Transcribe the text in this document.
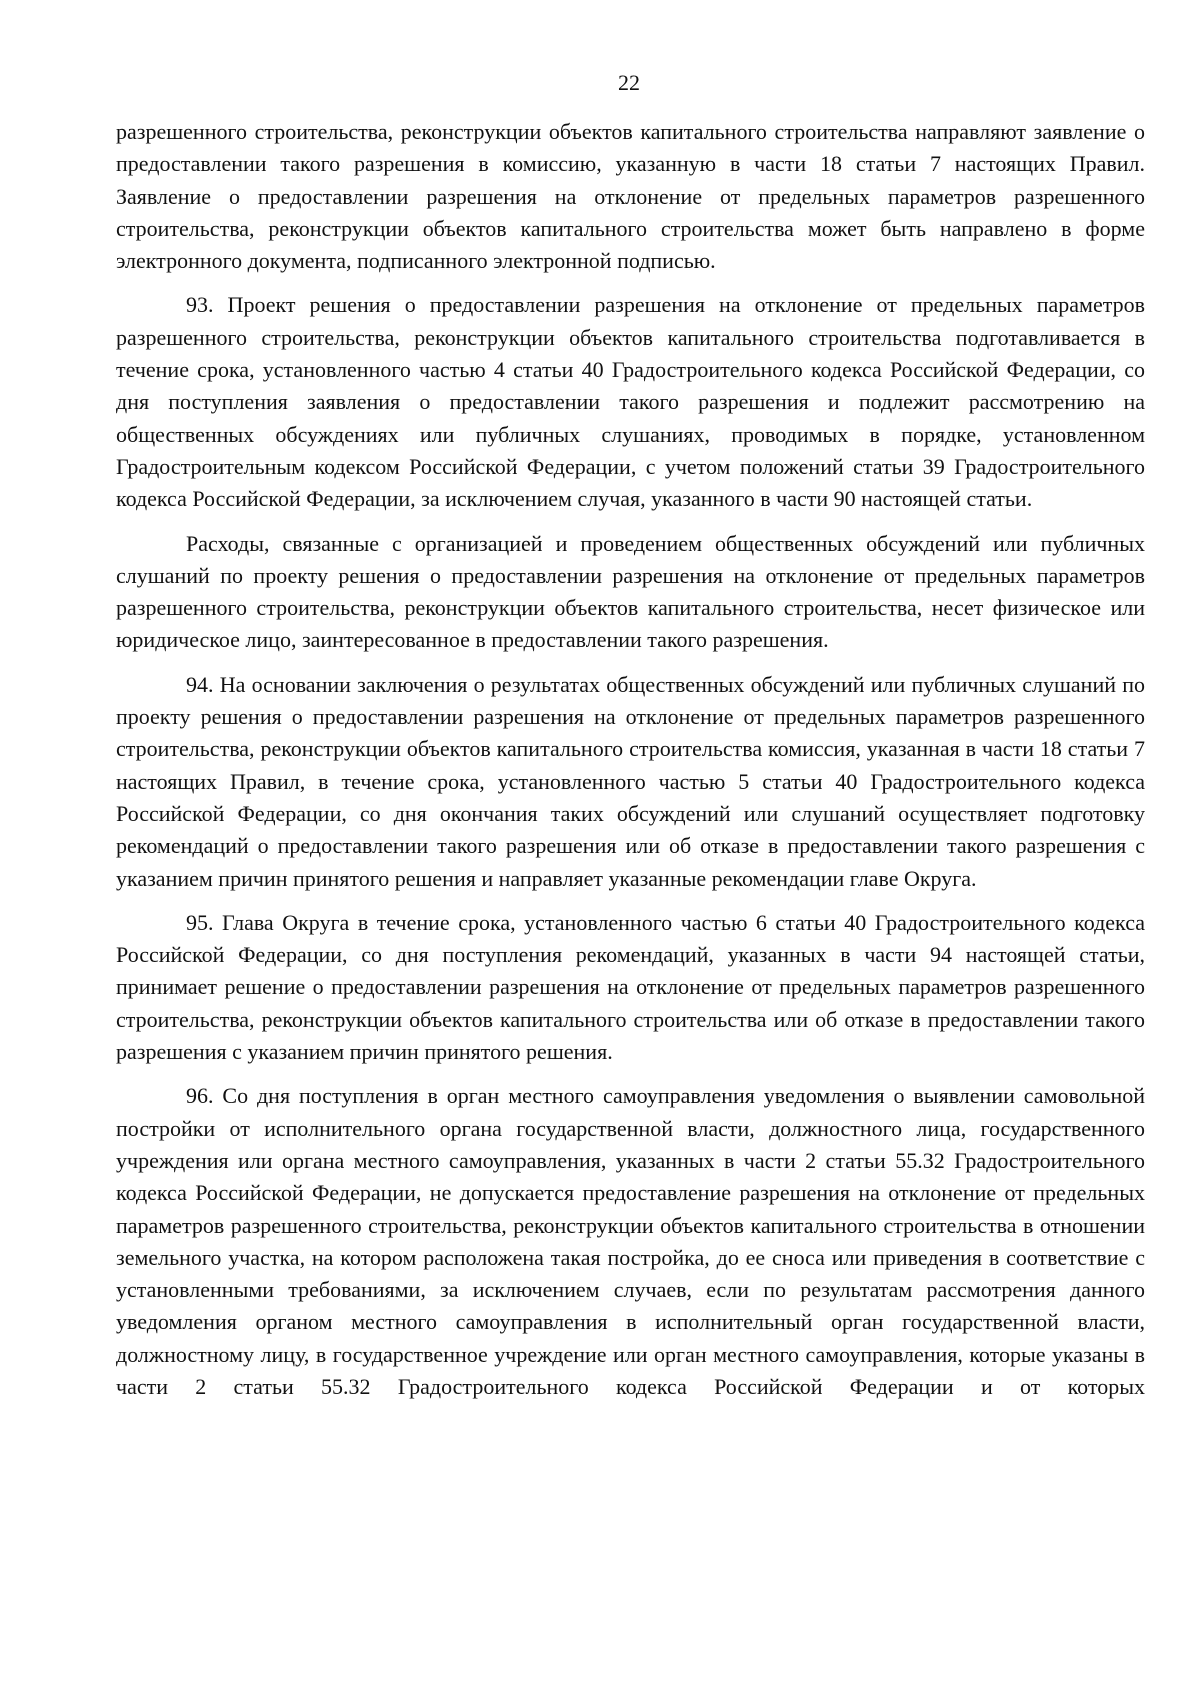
22

разрешенного строительства, реконструкции объектов капитального строительства направляют заявление о предоставлении такого разрешения в комиссию, указанную в части 18 статьи 7 настоящих Правил. Заявление о предоставлении разрешения на отклонение от предельных параметров разрешенного строительства, реконструкции объектов капитального строительства может быть направлено в форме электронного документа, подписанного электронной подписью.

93. Проект решения о предоставлении разрешения на отклонение от предельных параметров разрешенного строительства, реконструкции объектов капитального строительства подготавливается в течение срока, установленного частью 4 статьи 40 Градостроительного кодекса Российской Федерации, со дня поступления заявления о предоставлении такого разрешения и подлежит рассмотрению на общественных обсуждениях или публичных слушаниях, проводимых в порядке, установленном Градостроительным кодексом Российской Федерации, с учетом положений статьи 39 Градостроительного кодекса Российской Федерации, за исключением случая, указанного в части 90 настоящей статьи.

Расходы, связанные с организацией и проведением общественных обсуждений или публичных слушаний по проекту решения о предоставлении разрешения на отклонение от предельных параметров разрешенного строительства, реконструкции объектов капитального строительства, несет физическое или юридическое лицо, заинтересованное в предоставлении такого разрешения.

94. На основании заключения о результатах общественных обсуждений или публичных слушаний по проекту решения о предоставлении разрешения на отклонение от предельных параметров разрешенного строительства, реконструкции объектов капитального строительства комиссия, указанная в части 18 статьи 7 настоящих Правил, в течение срока, установленного частью 5 статьи 40 Градостроительного кодекса Российской Федерации, со дня окончания таких обсуждений или слушаний осуществляет подготовку рекомендаций о предоставлении такого разрешения или об отказе в предоставлении такого разрешения с указанием причин принятого решения и направляет указанные рекомендации главе Округа.

95. Глава Округа в течение срока, установленного частью 6 статьи 40 Градостроительного кодекса Российской Федерации, со дня поступления рекомендаций, указанных в части 94 настоящей статьи, принимает решение о предоставлении разрешения на отклонение от предельных параметров разрешенного строительства, реконструкции объектов капитального строительства или об отказе в предоставлении такого разрешения с указанием причин принятого решения.

96. Со дня поступления в орган местного самоуправления уведомления о выявлении самовольной постройки от исполнительного органа государственной власти, должностного лица, государственного учреждения или органа местного самоуправления, указанных в части 2 статьи 55.32 Градостроительного кодекса Российской Федерации, не допускается предоставление разрешения на отклонение от предельных параметров разрешенного строительства, реконструкции объектов капитального строительства в отношении земельного участка, на котором расположена такая постройка, до ее сноса или приведения в соответствие с установленными требованиями, за исключением случаев, если по результатам рассмотрения данного уведомления органом местного самоуправления в исполнительный орган государственной власти, должностному лицу, в государственное учреждение или орган местного самоуправления, которые указаны в части 2 статьи 55.32 Градостроительного кодекса Российской Федерации и от которых
